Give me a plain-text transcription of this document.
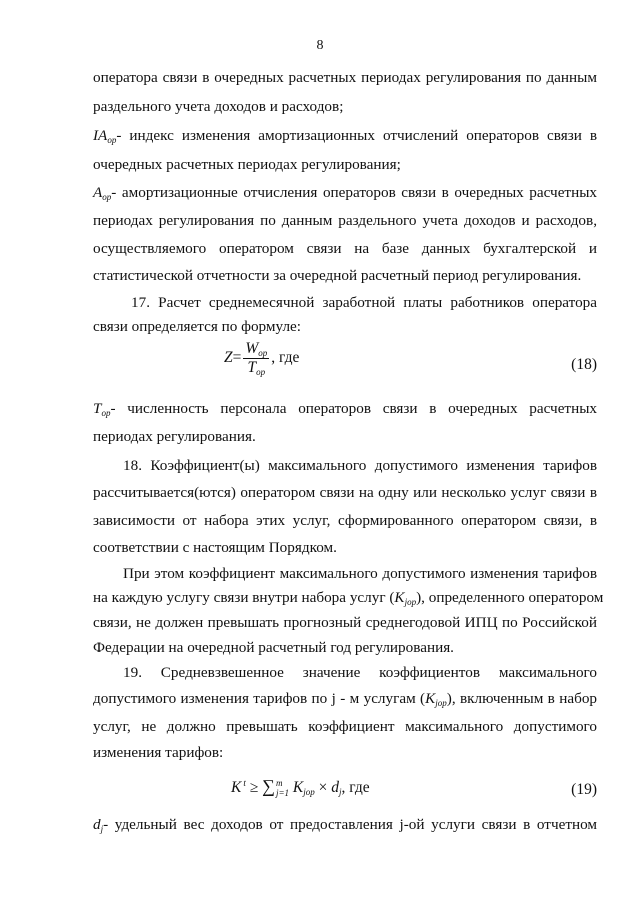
8
оператора связи в очередных расчетных периодах регулирования по данным
раздельного учета доходов и расходов;
$IA_{op}-$ индекс изменения амортизационных отчислений операторов связи в
очередных расчетных периодах регулирования;
$A_{op}-$ амортизационные отчисления операторов связи в очередных расчетных
периодах регулирования по данным раздельного учета доходов и расходов,
осуществляемого оператором связи на базе данных бухгалтерской и
статистической отчетности за очередной расчетный период регулирования.
17. Расчет среднемесячной заработной платы работников оператора
связи определяется по формуле:
$Z= \frac{W_{op}}{T_{op}}$ , где	(18)
$T_{op}-$ численность персонала операторов связи в очередных расчетных
периодах регулирования.
18. Коэффициент(ы) максимального допустимого изменения тарифов
рассчитывается(ются) оператором связи на одну или несколько услуг связи в
зависимости от набора этих услуг, сформированного оператором связи, в
соответствии с настоящим Порядком.
При этом коэффициент максимального допустимого изменения тарифов
на каждую услугу связи внутри набора услуг $(K_{jop})$, определенного оператором
связи, не должен превышать прогнозный среднегодовой ИПЦ по Российской
Федерации на очередной расчетный год регулирования.
19. Средневзвешенное значение коэффициентов максимального
допустимого изменения тарифов по j - м услугам $(K_{jop})$, включенным в набор
услуг, не должно превышать коэффициент максимального допустимого
изменения тарифов:
K $^t$ ≥ ∑ m
j=1 $K_{jop} \times d_j$, где	(19)
$d_j-$ удельный вес доходов от предоставления j-ой услуги связи в отчетном
